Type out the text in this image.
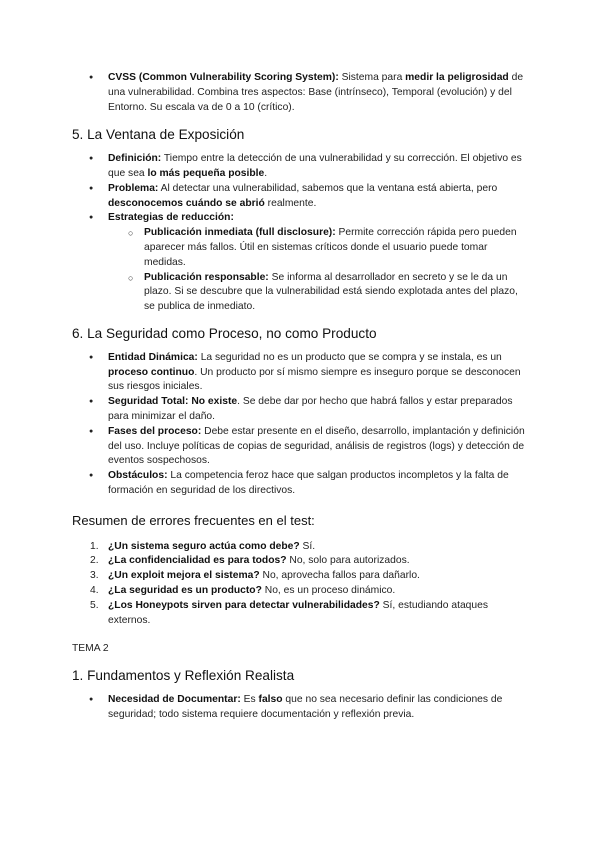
● CVSS (Common Vulnerability Scoring System): Sistema para medir la peligrosidad de una vulnerabilidad. Combina tres aspectos: Base (intrínseco), Temporal (evolución) y del Entorno. Su escala va de 0 a 10 (crítico).
5. La Ventana de Exposición
● Definición: Tiempo entre la detección de una vulnerabilidad y su corrección. El objetivo es que sea lo más pequeña posible.
● Problema: Al detectar una vulnerabilidad, sabemos que la ventana está abierta, pero desconocemos cuándo se abrió realmente.
● Estrategias de reducción:
○ Publicación inmediata (full disclosure): Permite corrección rápida pero pueden aparecer más fallos. Útil en sistemas críticos donde el usuario puede tomar medidas.
○ Publicación responsable: Se informa al desarrollador en secreto y se le da un plazo. Si se descubre que la vulnerabilidad está siendo explotada antes del plazo, se publica de inmediato.
6. La Seguridad como Proceso, no como Producto
● Entidad Dinámica: La seguridad no es un producto que se compra y se instala, es un proceso continuo. Un producto por sí mismo siempre es inseguro porque se desconocen sus riesgos iniciales.
● Seguridad Total: No existe. Se debe dar por hecho que habrá fallos y estar preparados para minimizar el daño.
● Fases del proceso: Debe estar presente en el diseño, desarrollo, implantación y definición del uso. Incluye políticas de copias de seguridad, análisis de registros (logs) y detección de eventos sospechosos.
● Obstáculos: La competencia feroz hace que salgan productos incompletos y la falta de formación en seguridad de los directivos.
Resumen de errores frecuentes en el test:
1. ¿Un sistema seguro actúa como debe? Sí.
2. ¿La confidencialidad es para todos? No, solo para autorizados.
3. ¿Un exploit mejora el sistema? No, aprovecha fallos para dañarlo.
4. ¿La seguridad es un producto? No, es un proceso dinámico.
5. ¿Los Honeypots sirven para detectar vulnerabilidades? Sí, estudiando ataques externos.

TEMA 2

1. Fundamentos y Reflexión Realista
● Necesidad de Documentar: Es falso que no sea necesario definir las condiciones de seguridad; todo sistema requiere documentación y reflexión previa.
